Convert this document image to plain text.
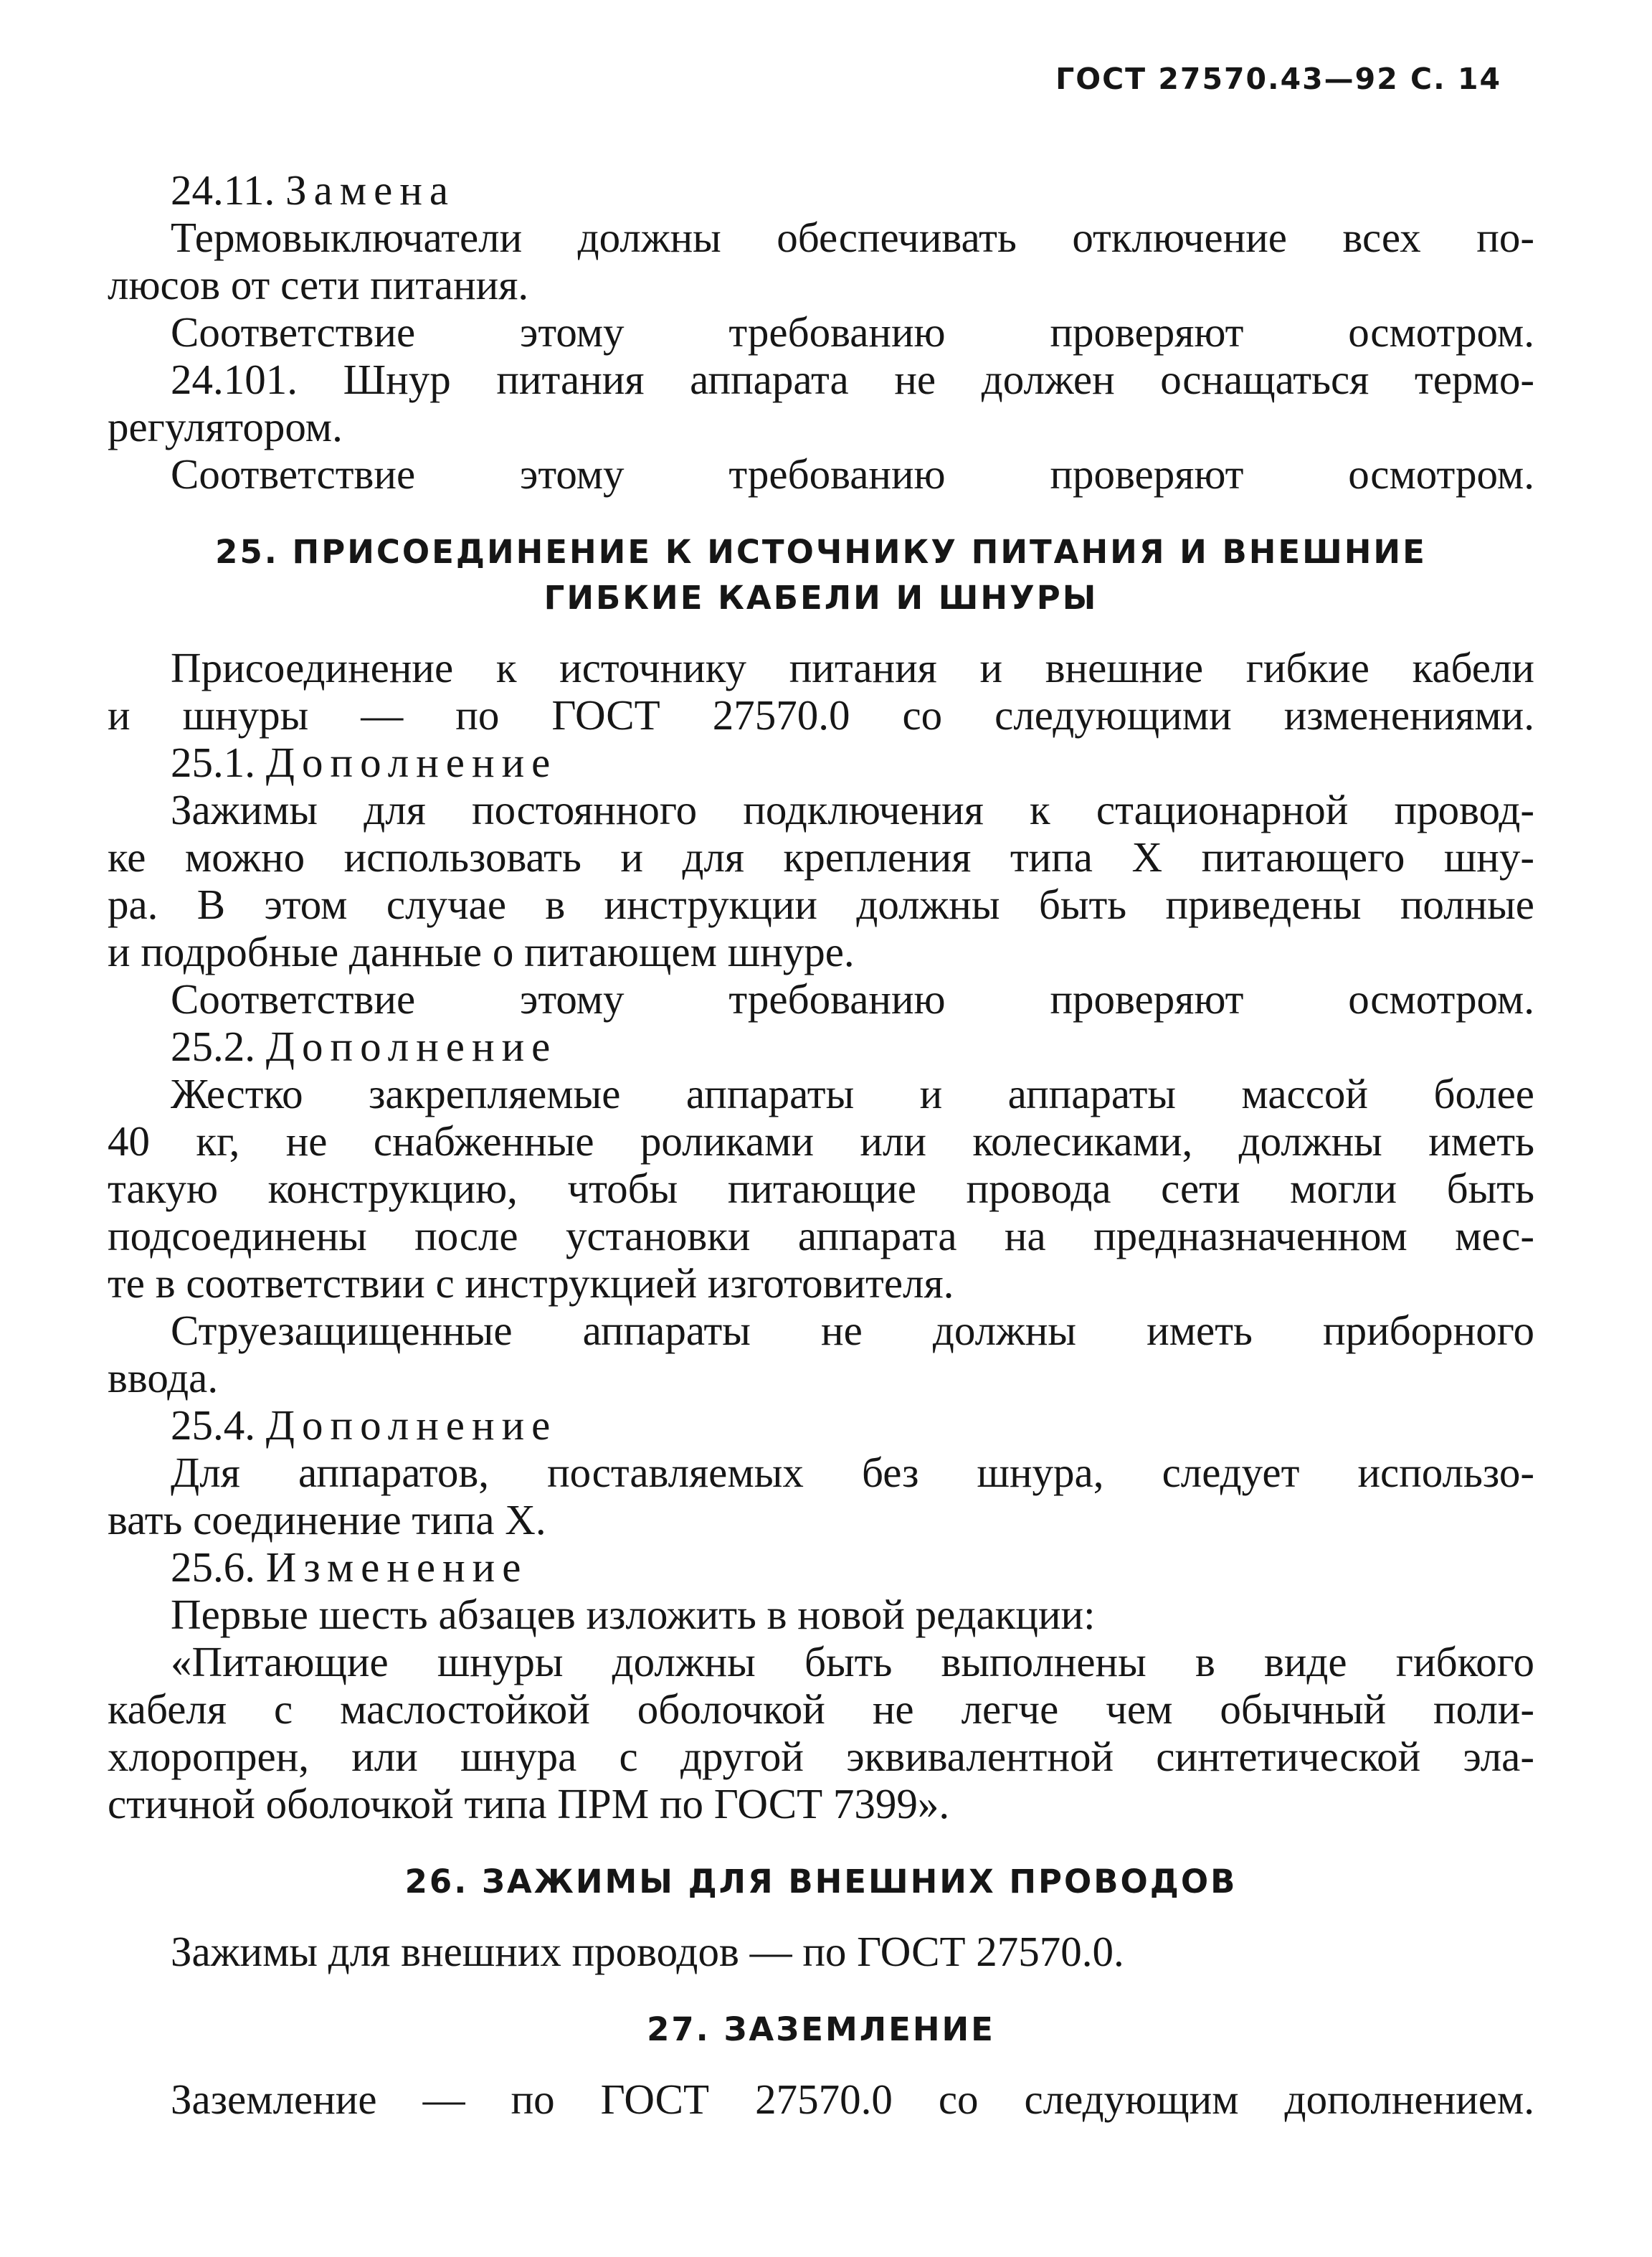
ГОСТ 27570.43—92 С. 14
24.11. Замена
Термовыключатели должны обеспечивать отключение всех по-
люсов от сети питания.
Соответствие этому требованию проверяют осмотром.
24.101. Шнур питания аппарата не должен оснащаться термо-
регулятором.
Соответствие этому требованию проверяют осмотром.
25. ПРИСОЕДИНЕНИЕ К ИСТОЧНИКУ ПИТАНИЯ И ВНЕШНИЕ
ГИБКИЕ КАБЕЛИ И ШНУРЫ
Присоединение к источнику питания и внешние гибкие кабели
и шнуры — по ГОСТ 27570.0 со следующими изменениями.
25.1. Дополнение
Зажимы для постоянного подключения к стационарной провод-
ке можно использовать и для крепления типа X питающего шну-
ра. В этом случае в инструкции должны быть приведены полные
и подробные данные о питающем шнуре.
Соответствие этому требованию проверяют осмотром.
25.2. Дополнение
Жестко закрепляемые аппараты и аппараты массой более
40 кг, не снабженные роликами или колесиками, должны иметь
такую конструкцию, чтобы питающие провода сети могли быть
подсоединены после установки аппарата на предназначенном мес-
те в соответствии с инструкцией изготовителя.
Струезащищенные аппараты не должны иметь приборного
ввода.
25.4. Дополнение
Для аппаратов, поставляемых без шнура, следует использо-
вать соединение типа X.
25.6. Изменение
Первые шесть абзацев изложить в новой редакции:
«Питающие шнуры должны быть выполнены в виде гибкого
кабеля с маслостойкой оболочкой не легче чем обычный поли-
хлоропрен, или шнура с другой эквивалентной синтетической эла-
стичной оболочкой типа ПРМ по ГОСТ 7399».
26. ЗАЖИМЫ ДЛЯ ВНЕШНИХ ПРОВОДОВ
Зажимы для внешних проводов — по ГОСТ 27570.0.
27. ЗАЗЕМЛЕНИЕ
Заземление — по ГОСТ 27570.0 со следующим дополнением.
